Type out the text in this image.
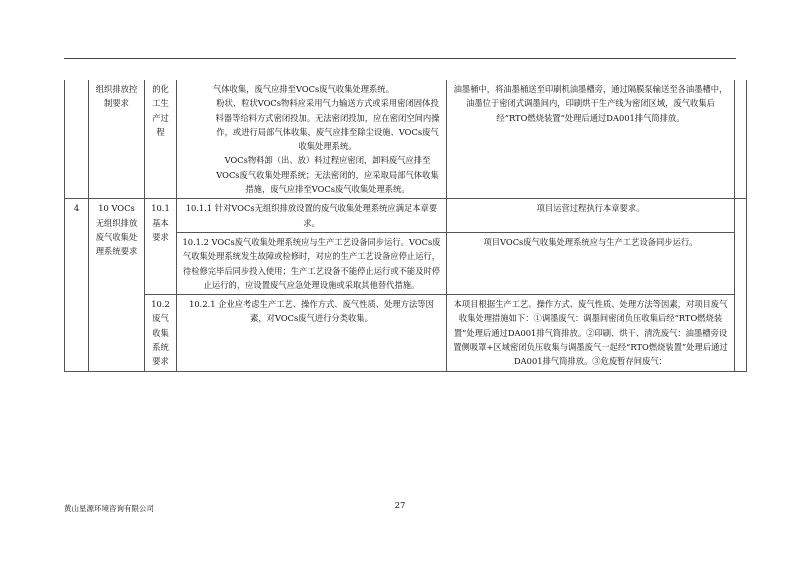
	组织排放控制要求	的化工生产过程	气体收集，废气应排至VOCs废气收集处理系统。

粉状、粒状VOCs物料应采用气力输送方式或采用密闭固体投料器等给料方式密闭投加。无法密闭投加，应在密闭空间内操作，或进行局部气体收集，废气应排至除尘设施、VOCs废气收集处理系统。

VOCs物料卸（出、放）料过程应密闭，卸料废气应排至VOCs废气收集处理系统；无法密闭的，应采取局部气体收集措施，废气应排至VOCs废气收集处理系统。	油墨桶中，将油墨桶送至印刷机油墨槽旁，通过隔膜泵输送至各油墨槽中，油墨位于密闭式调墨间内，印刷烘干生产线为密闭区域，废气收集后经“RTO燃烧装置”处理后通过DA001排气筒排放。	
4	10 VOCs无组织排放废气收集处理系统要求	10.1 基本要求	10.1.1 针对VOCs无组织排放设置的废气收集处理系统应满足本章要求。	项目运营过程执行本章要求。	
			10.1.2 VOCs废气收集处理系统应与生产工艺设备同步运行。VOCs废气收集处理系统发生故障或检修时，对应的生产工艺设备应停止运行，待检修完毕后同步投入使用；生产工艺设备不能停止运行或不能及时停止运行的，应设置废气应急处理设施或采取其他替代措施。	项目VOCs废气收集处理系统应与生产工艺设备同步运行。	
		10.2 废气收集系统要求	10.2.1 企业应考虑生产工艺、操作方式、废气性质、处理方法等因素，对VOCs废气进行分类收集。	本项目根据生产工艺、操作方式、废气性质、处理方法等因素，对项目废气收集处理措施如下：①调墨废气：调墨间密闭负压收集后经“RTO燃烧装置”处理后通过DA001排气筒排放。②印刷、烘干、清洗废气：油墨槽旁设置侧吸罩+区域密闭负压收集与调墨废气一起经“RTO燃烧装置”处理后通过DA001排气筒排放。③危废暂存间废气：	
黄山星源环境咨询有限公司	27
